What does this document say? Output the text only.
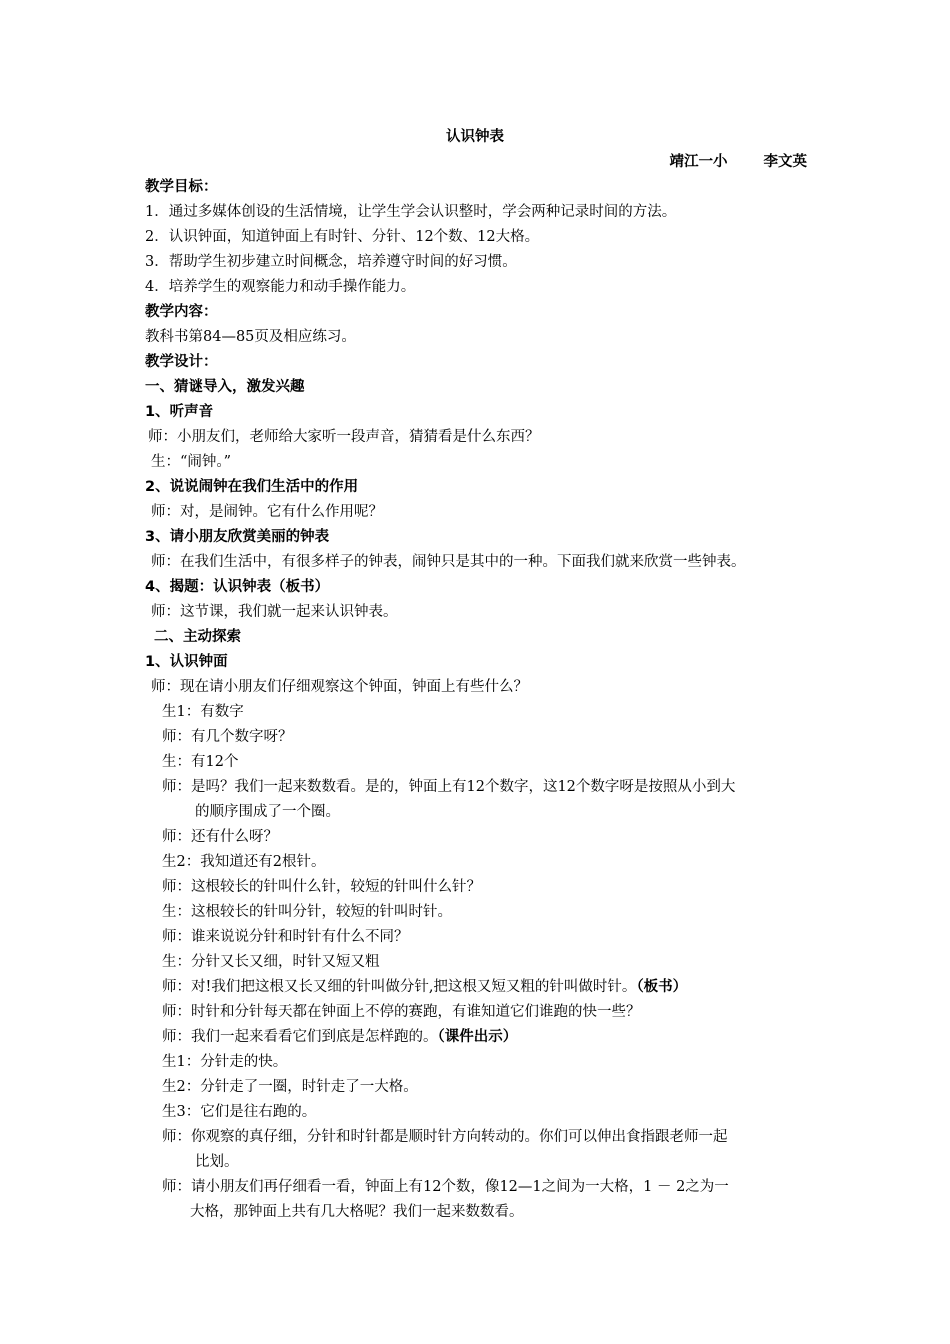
认识钟表
靖江一小 李文英
教学目标：
1．通过多媒体创设的生活情境，让学生学会认识整时，学会两种记录时间的方法。
2．认识钟面，知道钟面上有时针、分针、12个数、12大格。
3．帮助学生初步建立时间概念，培养遵守时间的好习惯。
4．培养学生的观察能力和动手操作能力。
教学内容：
教科书第84—85页及相应练习。
教学设计：
一、猜谜导入，激发兴趣
1、听声音
师：小朋友们，老师给大家听一段声音，猜猜看是什么东西？
生：“闹钟。”
2、说说闹钟在我们生活中的作用
师：对，是闹钟。它有什么作用呢？
3、请小朋友欣赏美丽的钟表
师：在我们生活中，有很多样子的钟表，闹钟只是其中的一种。下面我们就来欣赏一些钟表。
4、揭题：认识钟表（板书）
师：这节课，我们就一起来认识钟表。
二、主动探索
1、认识钟面
师：现在请小朋友们仔细观察这个钟面，钟面上有些什么？
生1：有数字
师：有几个数字呀？
生：有12个
师：是吗？我们一起来数数看。是的，钟面上有12个数字，这12个数字呀是按照从小到大
的顺序围成了一个圈。
师：还有什么呀？
生2：我知道还有2根针。
师：这根较长的针叫什么针，较短的针叫什么针？
生：这根较长的针叫分针，较短的针叫时针。
师：谁来说说分针和时针有什么不同？
生：分针又长又细，时针又短又粗
师：对!我们把这根又长又细的针叫做分针,把这根又短又粗的针叫做时针。（板书）
师：时针和分针每天都在钟面上不停的赛跑，有谁知道它们谁跑的快一些？
师：我们一起来看看它们到底是怎样跑的。（课件出示）
生1：分针走的快。
生2：分针走了一圈，时针走了一大格。
生3：它们是往右跑的。
师：你观察的真仔细，分针和时针都是顺时针方向转动的。你们可以伸出食指跟老师一起
比划。
师：请小朋友们再仔细看一看，钟面上有12个数，像12—1之间为一大格，1 － 2之为一
大格，那钟面上共有几大格呢？我们一起来数数看。
